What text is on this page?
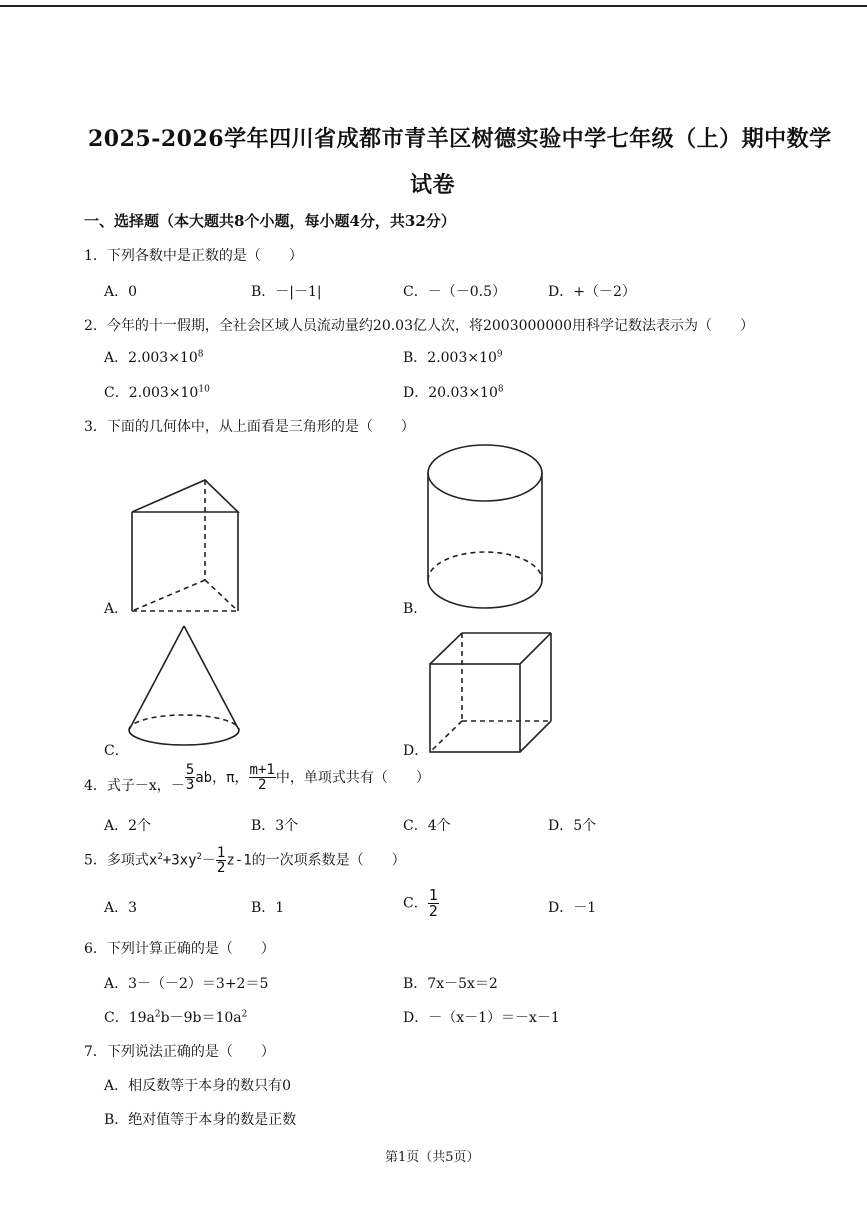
2025-2026学年四川省成都市青羊区树德实验中学七年级（上）期中数学
试卷
一、选择题（本大题共8个小题，每小题4分，共32分）
1．下列各数中是正数的是（　　）
A．0	B．－|－1|	C．－（－0.5）	D．+（－2）
2．今年的十一假期，全社会区域人员流动量约20.03亿人次，将2003000000用科学记数法表示为（　　）
A．$2.003\times 10^8$	B．$2.003\times 10^9$
C．$2.003\times 10^{10}$	D．$20.03\times 10^8$
3．下面的几何体中，从上面看是三角形的是（　　）
A．	B．
C．	D．
4．式子－x，－ $\frac{5}{3}$ ab，π， $\frac{m+1}{2}$ 中，单项式共有（　　）
A．2个	B．3个	C．4个	D．5个
5．多项式$x^2+3xy^2- \frac{1}{2} z-1$的一次项系数是（　　）
A．3	B．1	C． $\frac{1}{2}$	D．－1
6．下列计算正确的是（　　）
A．3－（－2）＝3+2＝5	B．7x－5x＝2
C．$19a^2b-9b=10a^2$	D．－（x－1）＝－x－1
7．下列说法正确的是（　　）
A．相反数等于本身的数只有0
B．绝对值等于本身的数是正数
第1页（共5页）
